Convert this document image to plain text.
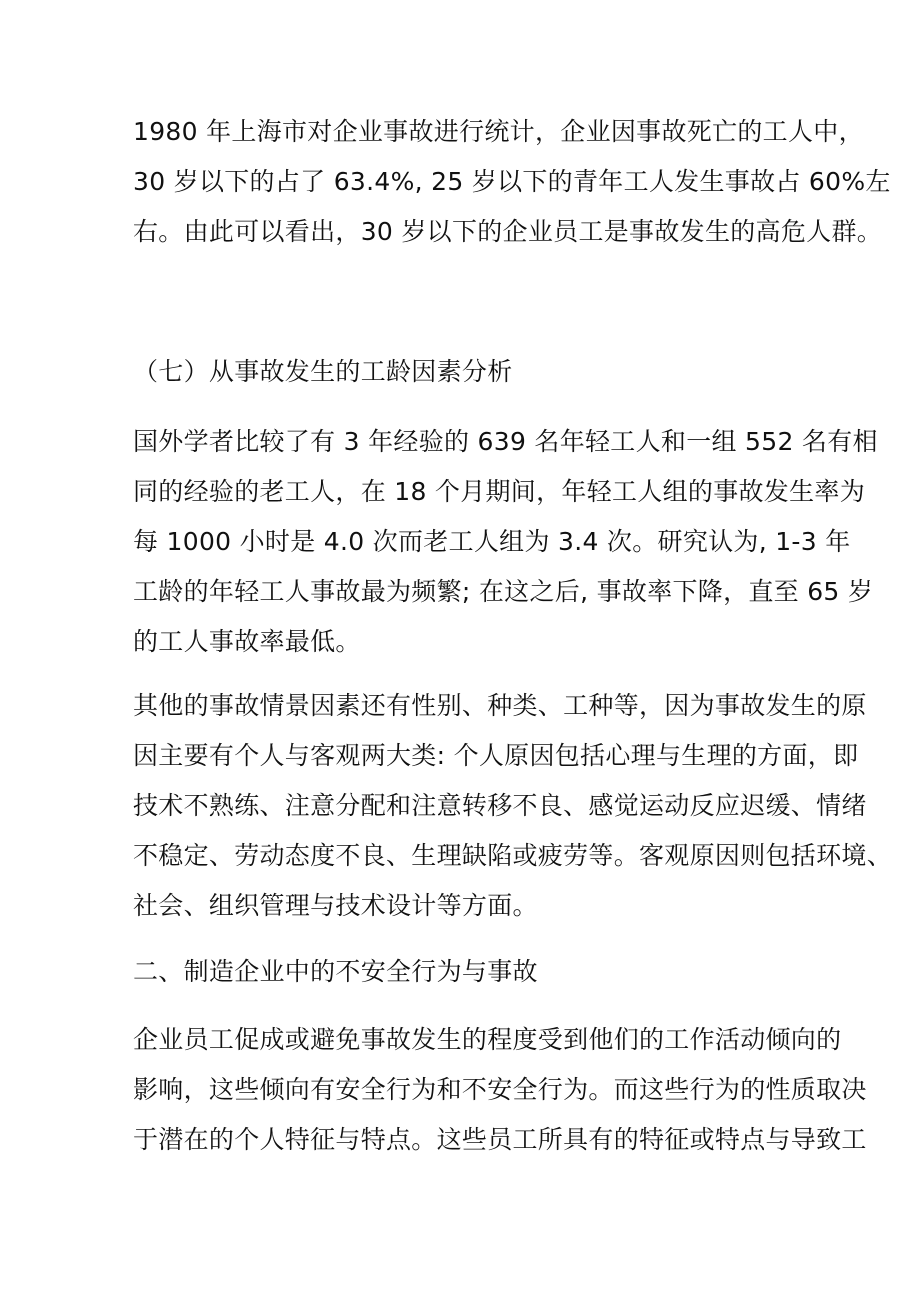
1980 年上海市对企业事故进行统计，企业因事故死亡的工人中，
30 岁以下的占了 63.4%, 25 岁以下的青年工人发生事故占 60%左
右。由此可以看出，30 岁以下的企业员工是事故发生的高危人群。
（七）从事故发生的工龄因素分析
国外学者比较了有 3 年经验的 639 名年轻工人和一组 552 名有相
同的经验的老工人，在 18 个月期间，年轻工人组的事故发生率为
每 1000 小时是 4.0 次而老工人组为 3.4 次。研究认为, 1-3 年
工龄的年轻工人事故最为频繁; 在这之后, 事故率下降，直至 65 岁
的工人事故率最低。
其他的事故情景因素还有性别、种类、工种等，因为事故发生的原
因主要有个人与客观两大类: 个人原因包括心理与生理的方面，即
技术不熟练、注意分配和注意转移不良、感觉运动反应迟缓、情绪
不稳定、劳动态度不良、生理缺陷或疲劳等。客观原因则包括环境、
社会、组织管理与技术设计等方面。
二、制造企业中的不安全行为与事故
企业员工促成或避免事故发生的程度受到他们的工作活动倾向的
影响，这些倾向有安全行为和不安全行为。而这些行为的性质取决
于潜在的个人特征与特点。这些员工所具有的特征或特点与导致工
